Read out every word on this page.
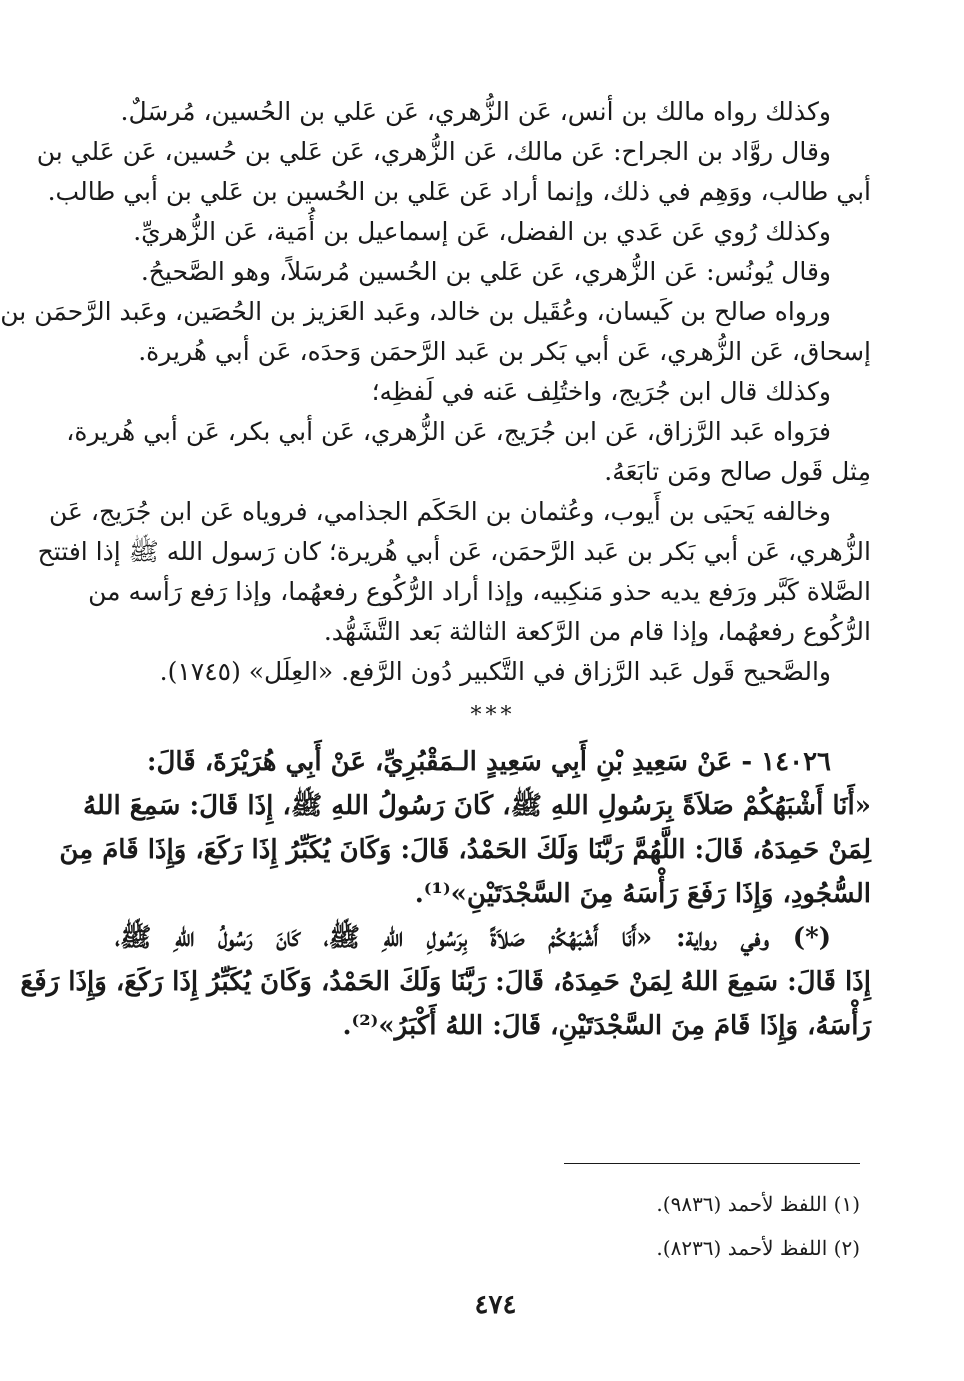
وكذلك رواه مالك بن أنس، عَن الزُّهري، عَن عَلي بن الحُسين، مُرسَلٌ.

وقال روَّاد بن الجراح: عَن مالك، عَن الزُّهري، عَن عَلي بن حُسين، عَن عَلي بن

أبي طالب، ووَهِم في ذلك، وإنما أراد عَن عَلي بن الحُسين بن عَلي بن أبي طالب.

وكذلك رُوي عَن عَدي بن الفضل، عَن إسماعيل بن أُمَية، عَن الزُّهريِّ.

وقال يُونُس: عَن الزُّهري، عَن عَلي بن الحُسين مُرسَلاً، وهو الصَّحيحُ.

ورواه صالح بن كَيسان، وعُقَيل بن خالد، وعَبد العَزيز بن الحُصَين، وعَبد الرَّحمَن بن

إسحاق، عَن الزُّهري، عَن أبي بَكر بن عَبد الرَّحمَن وَحدَه، عَن أبي هُريرة.

وكذلك قال ابن جُرَيج، واختُلِف عَنه في لَفظِه؛

فرَواه عَبد الرَّزاق، عَن ابن جُرَيج، عَن الزُّهري، عَن أبي بكر، عَن أبي هُريرة،

مِثل قَول صالح ومَن تابَعَهُ.

وخالفه يَحيَى بن أَيوب، وعُثمان بن الحَكَم الجذامي، فروياه عَن ابن جُرَيج، عَن

الزُّهري، عَن أبي بَكر بن عَبد الرَّحمَن، عَن أبي هُريرة؛ كان رَسول الله ﷺ إذا افتتح

الصَّلاة كَبَّر ورَفع يديه حذو مَنكِبيه، وإذا أراد الرُّكُوع رفعهُما، وإذا رَفع رَأسه من

الرُّكُوع رفعهُما، وإذا قام من الرَّكعة الثالثة بَعد التَّشَهُّد.

والصَّحيح قَول عَبد الرَّزاق في التَّكبير دُون الرَّفع. «العِلَل» (١٧٤٥).

***

١٤٠٢٦ - عَنْ سَعِيدِ بْنِ أَبِي سَعِيدٍ الـمَقْبُرِيِّ، عَنْ أَبِي هُرَيْرَةَ، قَالَ:

«أَنَا أَشْبَهُكُمْ صَلاَةً بِرَسُولِ اللهِ ﷺ، كَانَ رَسُولُ اللهِ ﷺ، إِذَا قَالَ: سَمِعَ اللهُ

لِمَنْ حَمِدَهُ، قَالَ: اللَّهُمَّ رَبَّنَا وَلَكَ الحَمْدُ، قَالَ: وَكَانَ يُكَبِّرُ إِذَا رَكَعَ، وَإِذَا قَامَ مِنَ

السُّجُودِ، وَإِذَا رَفَعَ رَأْسَهُ مِنَ السَّجْدَتَيْنِ»⁽¹⁾.

(*) وفي رواية: «أَنَا أَشْبَهُكُمْ صَلاَةً بِرَسُولِ اللهِ ﷺ، كَانَ رَسُولُ اللهِ ﷺ،

إِذَا قَالَ: سَمِعَ اللهُ لِمَنْ حَمِدَهُ، قَالَ: رَبَّنَا وَلَكَ الحَمْدُ، وَكَانَ يُكَبِّرُ إِذَا رَكَعَ، وَإِذَا رَفَعَ

رَأْسَهُ، وَإِذَا قَامَ مِنَ السَّجْدَتَيْنِ، قَالَ: اللهُ أَكْبَرُ»⁽²⁾.

(١) اللفظ لأحمد (٩٨٣٦).

(٢) اللفظ لأحمد (٨٢٣٦).

٤٧٤
